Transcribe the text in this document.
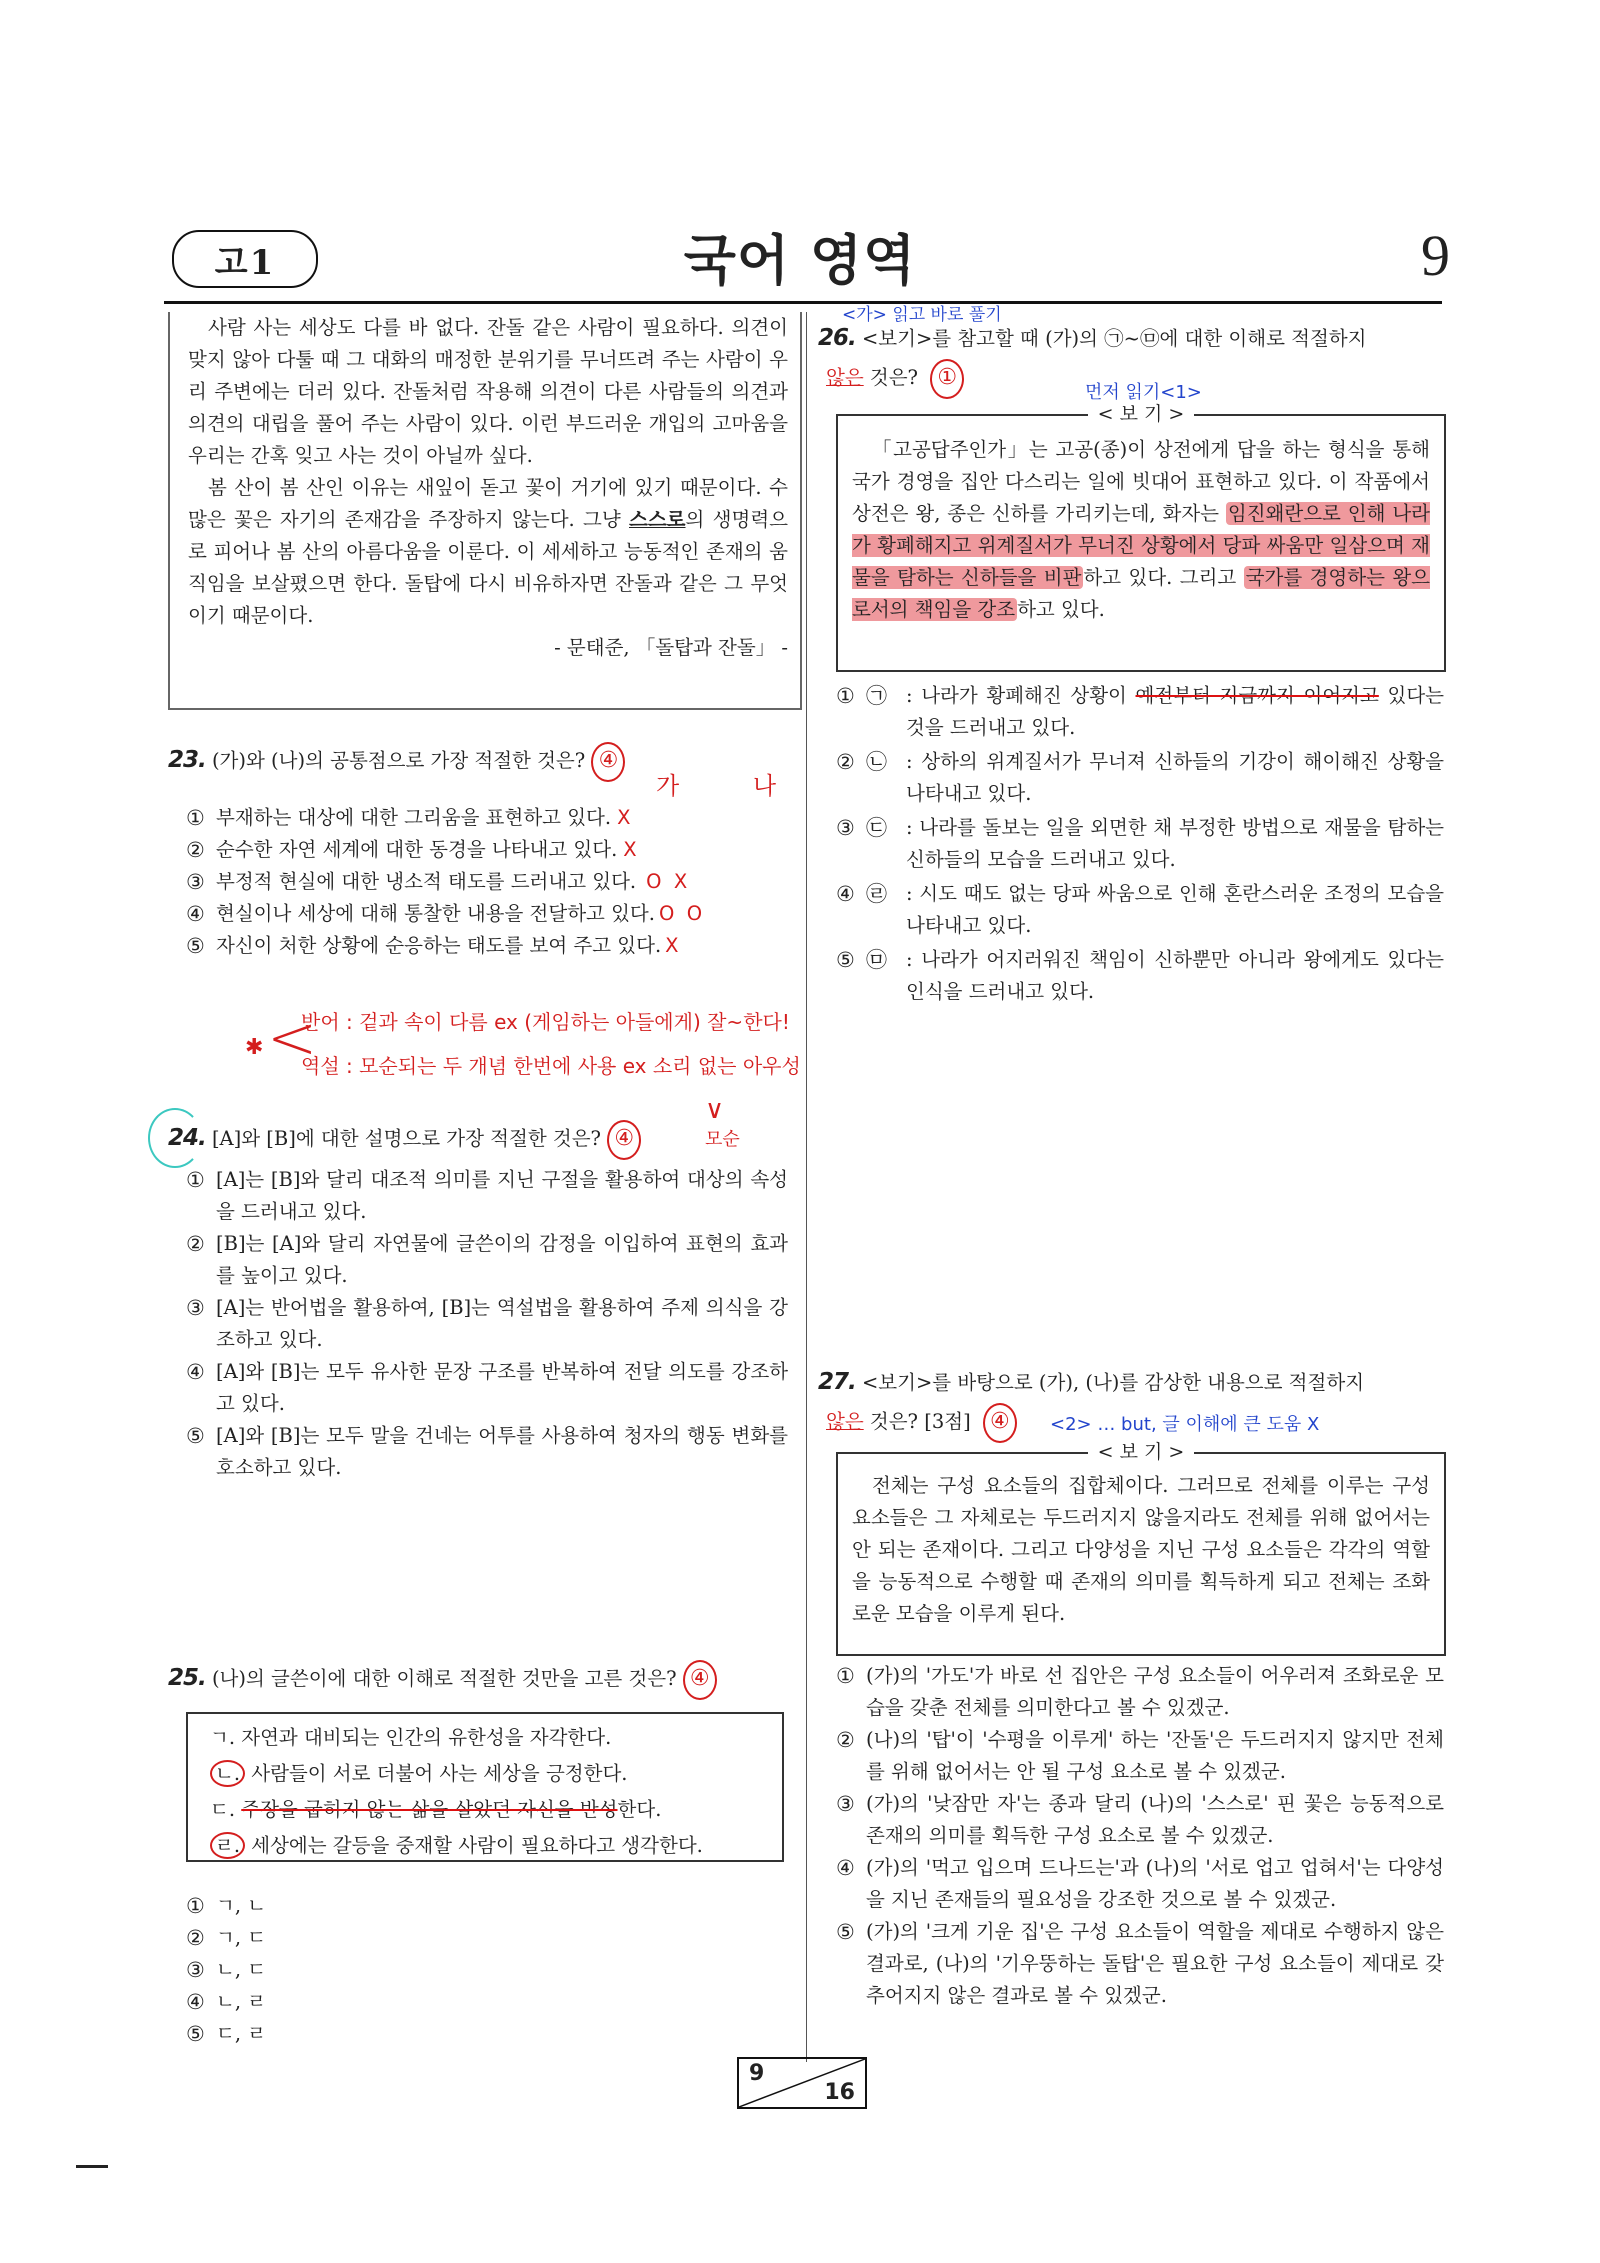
고1	국어 영역	9

사람 사는 세상도 다를 바 없다. 잔돌 같은 사람이 필요하다. 의견이 맞지 않아 다툴 때 그 대화의 매정한 분위기를 무너뜨려 주는 사람이 우리 주변에는 더러 있다. 잔돌처럼 작용해 의견이 다른 사람들의 의견과 의견의 대립을 풀어 주는 사람이 있다. 이런 부드러운 개입의 고마움을 우리는 간혹 잊고 사는 것이 아닐까 싶다.

봄 산이 봄 산인 이유는 새잎이 돋고 꽃이 거기에 있기 때문이다. 수많은 꽃은 자기의 존재감을 주장하지 않는다. 그냥 스스로의 생명력으로 피어나 봄 산의 아름다움을 이룬다. 이 세세하고 능동적인 존재의 움직임을 보살폈으면 한다. 돌탑에 다시 비유하자면 잔돌과 같은 그 무엇이기 때문이다.

- 문태준, 「돌탑과 잔돌」 -
23. (가)와 (나)의 공통점으로 가장 적절한 것은? ④
가	나
① 부재하는 대상에 대한 그리움을 표현하고 있다. X
② 순수한 자연 세계에 대한 동경을 나타내고 있다. X
③ 부정적 현실에 대한 냉소적 태도를 드러내고 있다. O  X
④ 현실이나 세상에 대해 통찰한 내용을 전달하고 있다. O  O
⑤ 자신이 처한 상황에 순응하는 태도를 보여 주고 있다. X
✱ <
반어 : 겉과 속이 다름 ex (게임하는 아들에게) 잘~한다!
역설 : 모순되는 두 개념 한번에 사용 ex 소리 없는 아우성
∨
모순
24. [A]와 [B]에 대한 설명으로 가장 적절한 것은? ④
① [A]는 [B]와 달리 대조적 의미를 지닌 구절을 활용하여 대상의 속성을 드러내고 있다.
② [B]는 [A]와 달리 자연물에 글쓴이의 감정을 이입하여 표현의 효과를 높이고 있다.
③ [A]는 반어법을 활용하여, [B]는 역설법을 활용하여 주제 의식을 강조하고 있다.
④ [A]와 [B]는 모두 유사한 문장 구조를 반복하여 전달 의도를 강조하고 있다.
⑤ [A]와 [B]는 모두 말을 건네는 어투를 사용하여 청자의 행동 변화를 호소하고 있다.
25. (나)의 글쓴이에 대한 이해로 적절한 것만을 고른 것은? ④
ㄱ. 자연과 대비되는 인간의 유한성을 자각한다.
ㄴ. 사람들이 서로 더불어 사는 세상을 긍정한다.
ㄷ. 주장을 굽히지 않는 삶을 살았던 자신을 반성한다.
ㄹ. 세상에는 갈등을 중재할 사람이 필요하다고 생각한다.
① ㄱ, ㄴ
② ㄱ, ㄷ
③ ㄴ, ㄷ
④ ㄴ, ㄹ
⑤ ㄷ, ㄹ
<가> 읽고 바로 풀기
26. <보기>를 참고할 때 (가)의 ㉠~㉤에 대한 이해로 적절하지
않은 것은? ①
먼저 읽기<1>
< 보 기 >

「고공답주인가」는 고공(종)이 상전에게 답을 하는 형식을 통해 국가 경영을 집안 다스리는 일에 빗대어 표현하고 있다. 이 작품에서 상전은 왕, 종은 신하를 가리키는데, 화자는 임진왜란으로 인해 나라가 황폐해지고 위계질서가 무너진 상황에서 당파 싸움만 일삼으며 재물을 탐하는 신하들을 비판 하고 있다. 그리고 국가를 경영하는 왕으로서의 책임을 강조 하고 있다.

① ㉠ : 나라가 황폐해진 상황이 예전부터 지금까지 이어지고 있다는 것을 드러내고 있다.
② ㉡ : 상하의 위계질서가 무너져 신하들의 기강이 해이해진 상황을 나타내고 있다.
③ ㉢ : 나라를 돌보는 일을 외면한 채 부정한 방법으로 재물을 탐하는 신하들의 모습을 드러내고 있다.
④ ㉣ : 시도 때도 없는 당파 싸움으로 인해 혼란스러운 조정의 모습을 나타내고 있다.
⑤ ㉤ : 나라가 어지러워진 책임이 신하뿐만 아니라 왕에게도 있다는 인식을 드러내고 있다.
27. <보기>를 바탕으로 (가), (나)를 감상한 내용으로 적절하지
않은 것은? [3점] ④	<2> … but, 글 이해에 큰 도움 X
< 보 기 >

전체는 구성 요소들의 집합체이다. 그러므로 전체를 이루는 구성 요소들은 그 자체로는 두드러지지 않을지라도 전체를 위해 없어서는 안 되는 존재이다. 그리고 다양성을 지닌 구성 요소들은 각각의 역할을 능동적으로 수행할 때 존재의 의미를 획득하게 되고 전체는 조화로운 모습을 이루게 된다.

① (가)의 '가도'가 바로 선 집안은 구성 요소들이 어우러져 조화로운 모습을 갖춘 전체를 의미한다고 볼 수 있겠군.
② (나)의 '탑'이 '수평을 이루게' 하는 '잔돌'은 두드러지지 않지만 전체를 위해 없어서는 안 될 구성 요소로 볼 수 있겠군.
③ (가)의 '낮잠만 자'는 종과 달리 (나)의 '스스로' 핀 꽃은 능동적으로 존재의 의미를 획득한 구성 요소로 볼 수 있겠군.
④ (가)의 '먹고 입으며 드나드는'과 (나)의 '서로 업고 업혀서'는 다양성을 지닌 존재들의 필요성을 강조한 것으로 볼 수 있겠군.
⑤ (가)의 '크게 기운 집'은 구성 요소들이 역할을 제대로 수행하지 않은 결과로, (나)의 '기우뚱하는 돌탑'은 필요한 구성 요소들이 제대로 갖추어지지 않은 결과로 볼 수 있겠군.
9
16
